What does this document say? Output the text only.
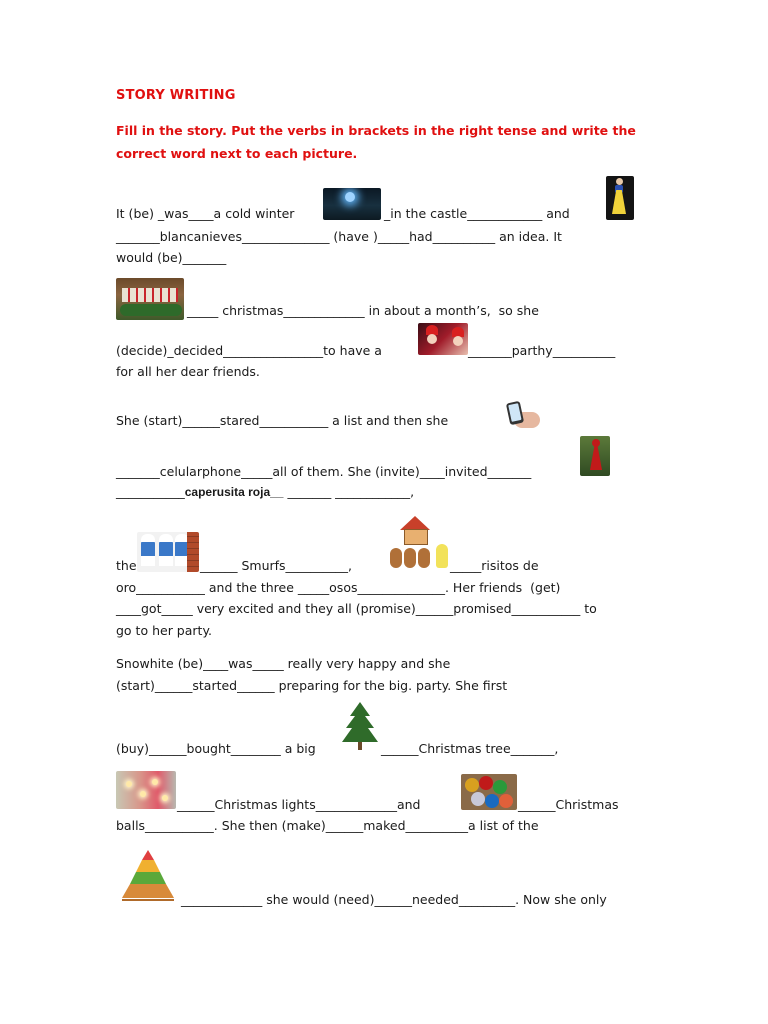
STORY WRITING
Fill in the story. Put the verbs in brackets in the right tense and write the
correct word next to each picture.
It (be) _was____a cold winter	_in the castle____________ and
_______blancanieves______________ (have )_____had__________ an idea. It
would (be)_______
_____ christmas_____________ in about a month’s,  so she
(decide)_decided________________to have a	_______parthy__________
for all her dear friends.
She (start)______stared___________ a list and then she
_______celularphone_____all of them. She (invite)____invited_______
___________caperusita roja__ _______ ____________,
the	______ Smurfs__________,	_____risitos de
oro___________ and the three _____osos______________. Her friends  (get)
____got_____ very excited and they all (promise)______promised___________ to
go to her party.
Snowhite (be)____was_____ really very happy and she
(start)______started______ preparing for the big. party. She first
(buy)______bought________ a big	______Christmas tree_______,
______Christmas lights_____________and	______Christmas
balls___________. She then (make)______maked__________a list of the
_____________ she would (need)______needed_________. Now she only
